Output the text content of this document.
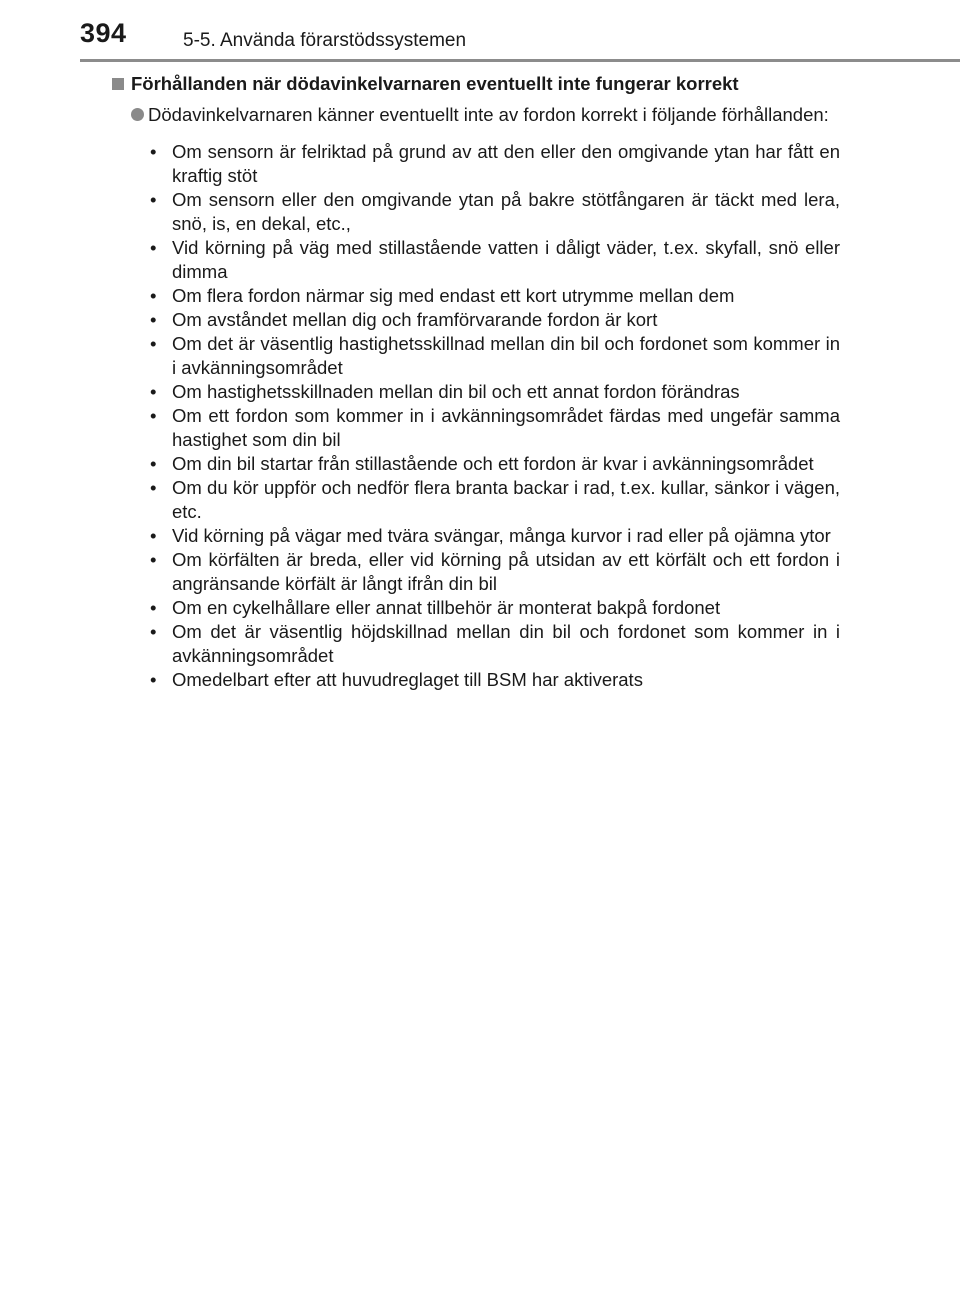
394	5-5. Använda förarstödssystemen
Förhållanden när dödavinkelvarnaren eventuellt inte fungerar korrekt
Dödavinkelvarnaren känner eventuellt inte av fordon korrekt i följande förhållanden:
• Om sensorn är felriktad på grund av att den eller den omgivande ytan har fått en kraftig stöt
• Om sensorn eller den omgivande ytan på bakre stötfångaren är täckt med lera, snö, is, en dekal, etc.,
• Vid körning på väg med stillastående vatten i dåligt väder, t.ex. skyfall, snö eller dimma
• Om flera fordon närmar sig med endast ett kort utrymme mellan dem
• Om avståndet mellan dig och framförvarande fordon är kort
• Om det är väsentlig hastighetsskillnad mellan din bil och fordonet som kommer in i avkänningsområdet
• Om hastighetsskillnaden mellan din bil och ett annat fordon förändras
• Om ett fordon som kommer in i avkänningsområdet färdas med ungefär samma hastighet som din bil
• Om din bil startar från stillastående och ett fordon är kvar i avkänningsområdet
• Om du kör uppför och nedför flera branta backar i rad, t.ex. kullar, sänkor i vägen, etc.
• Vid körning på vägar med tvära svängar, många kurvor i rad eller på ojämna ytor
• Om körfälten är breda, eller vid körning på utsidan av ett körfält och ett fordon i angränsande körfält är långt ifrån din bil
• Om en cykelhållare eller annat tillbehör är monterat bakpå fordonet
• Om det är väsentlig höjdskillnad mellan din bil och fordonet som kommer in i avkänningsområdet
• Omedelbart efter att huvudreglaget till BSM har aktiverats
